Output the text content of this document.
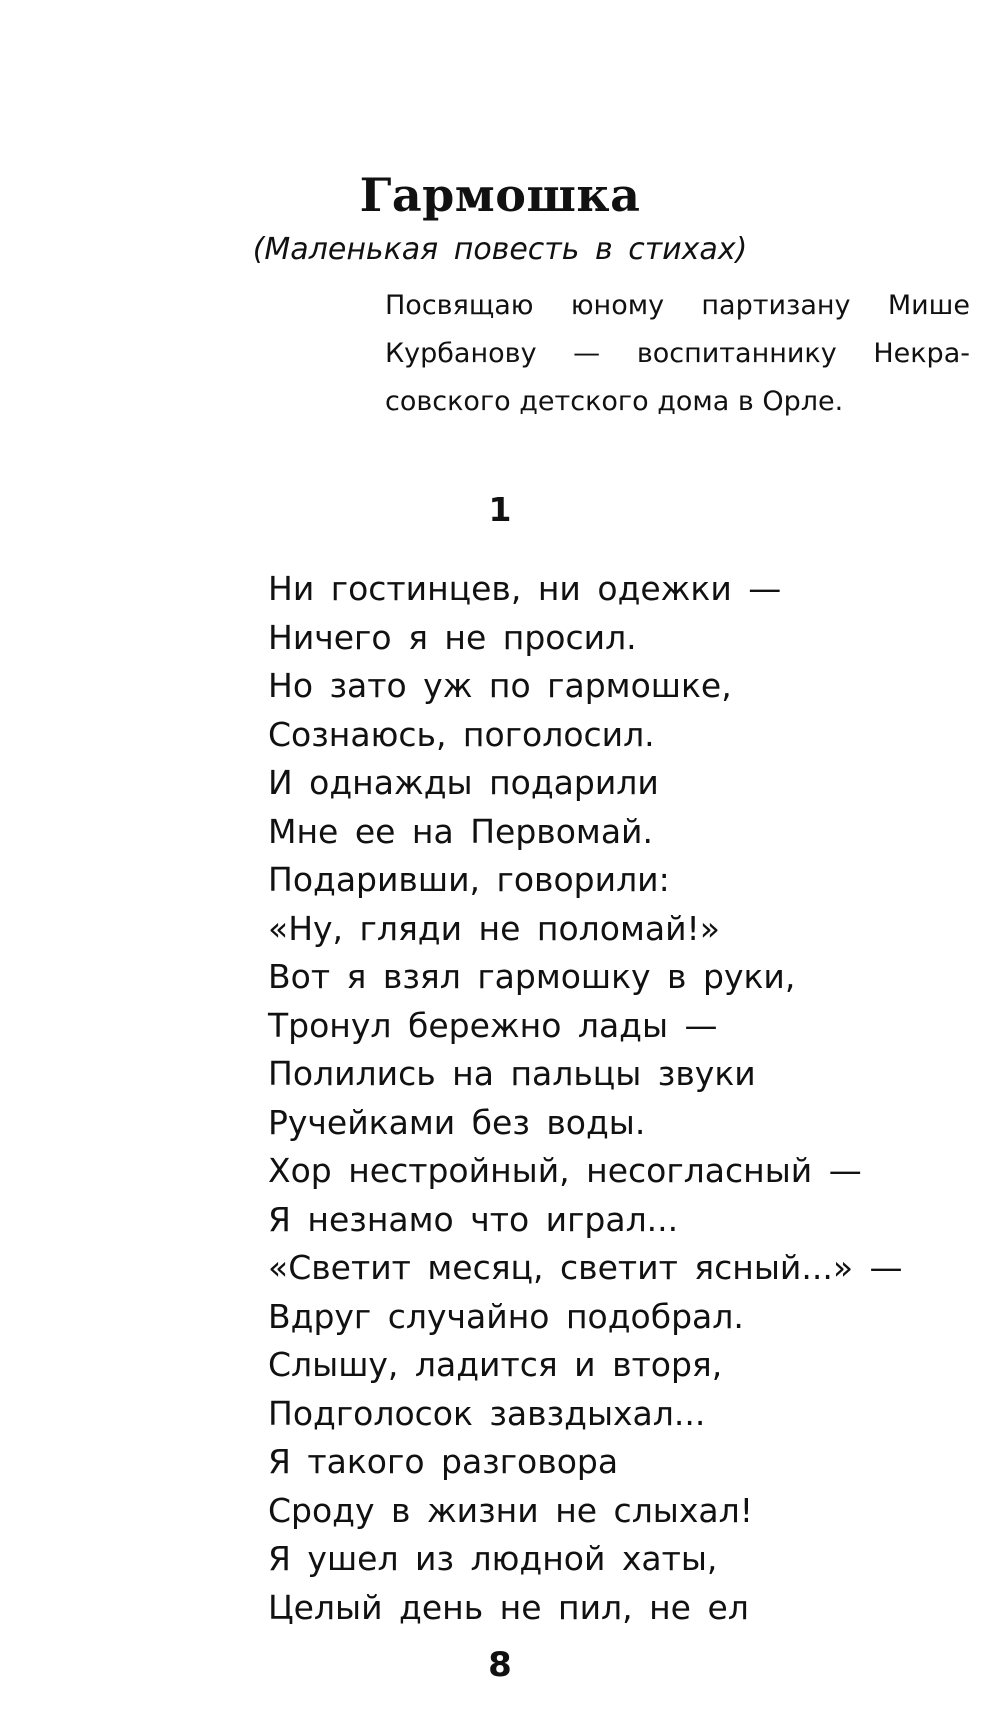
Гармошка

(Маленькая повесть в стихах)

Посвящаю юному партизану Мише
Курбанову — воспитаннику Некра-
совского детского дома в Орле.
1
Ни гостинцев, ни одежки —
Ничего я не просил.
Но зато уж по гармошке,
Сознаюсь, поголосил.
И однажды подарили
Мне ее на Первомай.
Подаривши, говорили:
«Ну, гляди не поломай!»
Вот я взял гармошку в руки,
Тронул бережно лады —
Полились на пальцы звуки
Ручейками без воды.
Хор нестройный, несогласный —
Я незнамо что играл...
«Светит месяц, светит ясный...» —
Вдруг случайно подобрал.
Слышу, ладится и вторя,
Подголосок завздыхал...
Я такого разговора
Сроду в жизни не слыхал!
Я ушел из людной хаты,
Целый день не пил, не ел
8
